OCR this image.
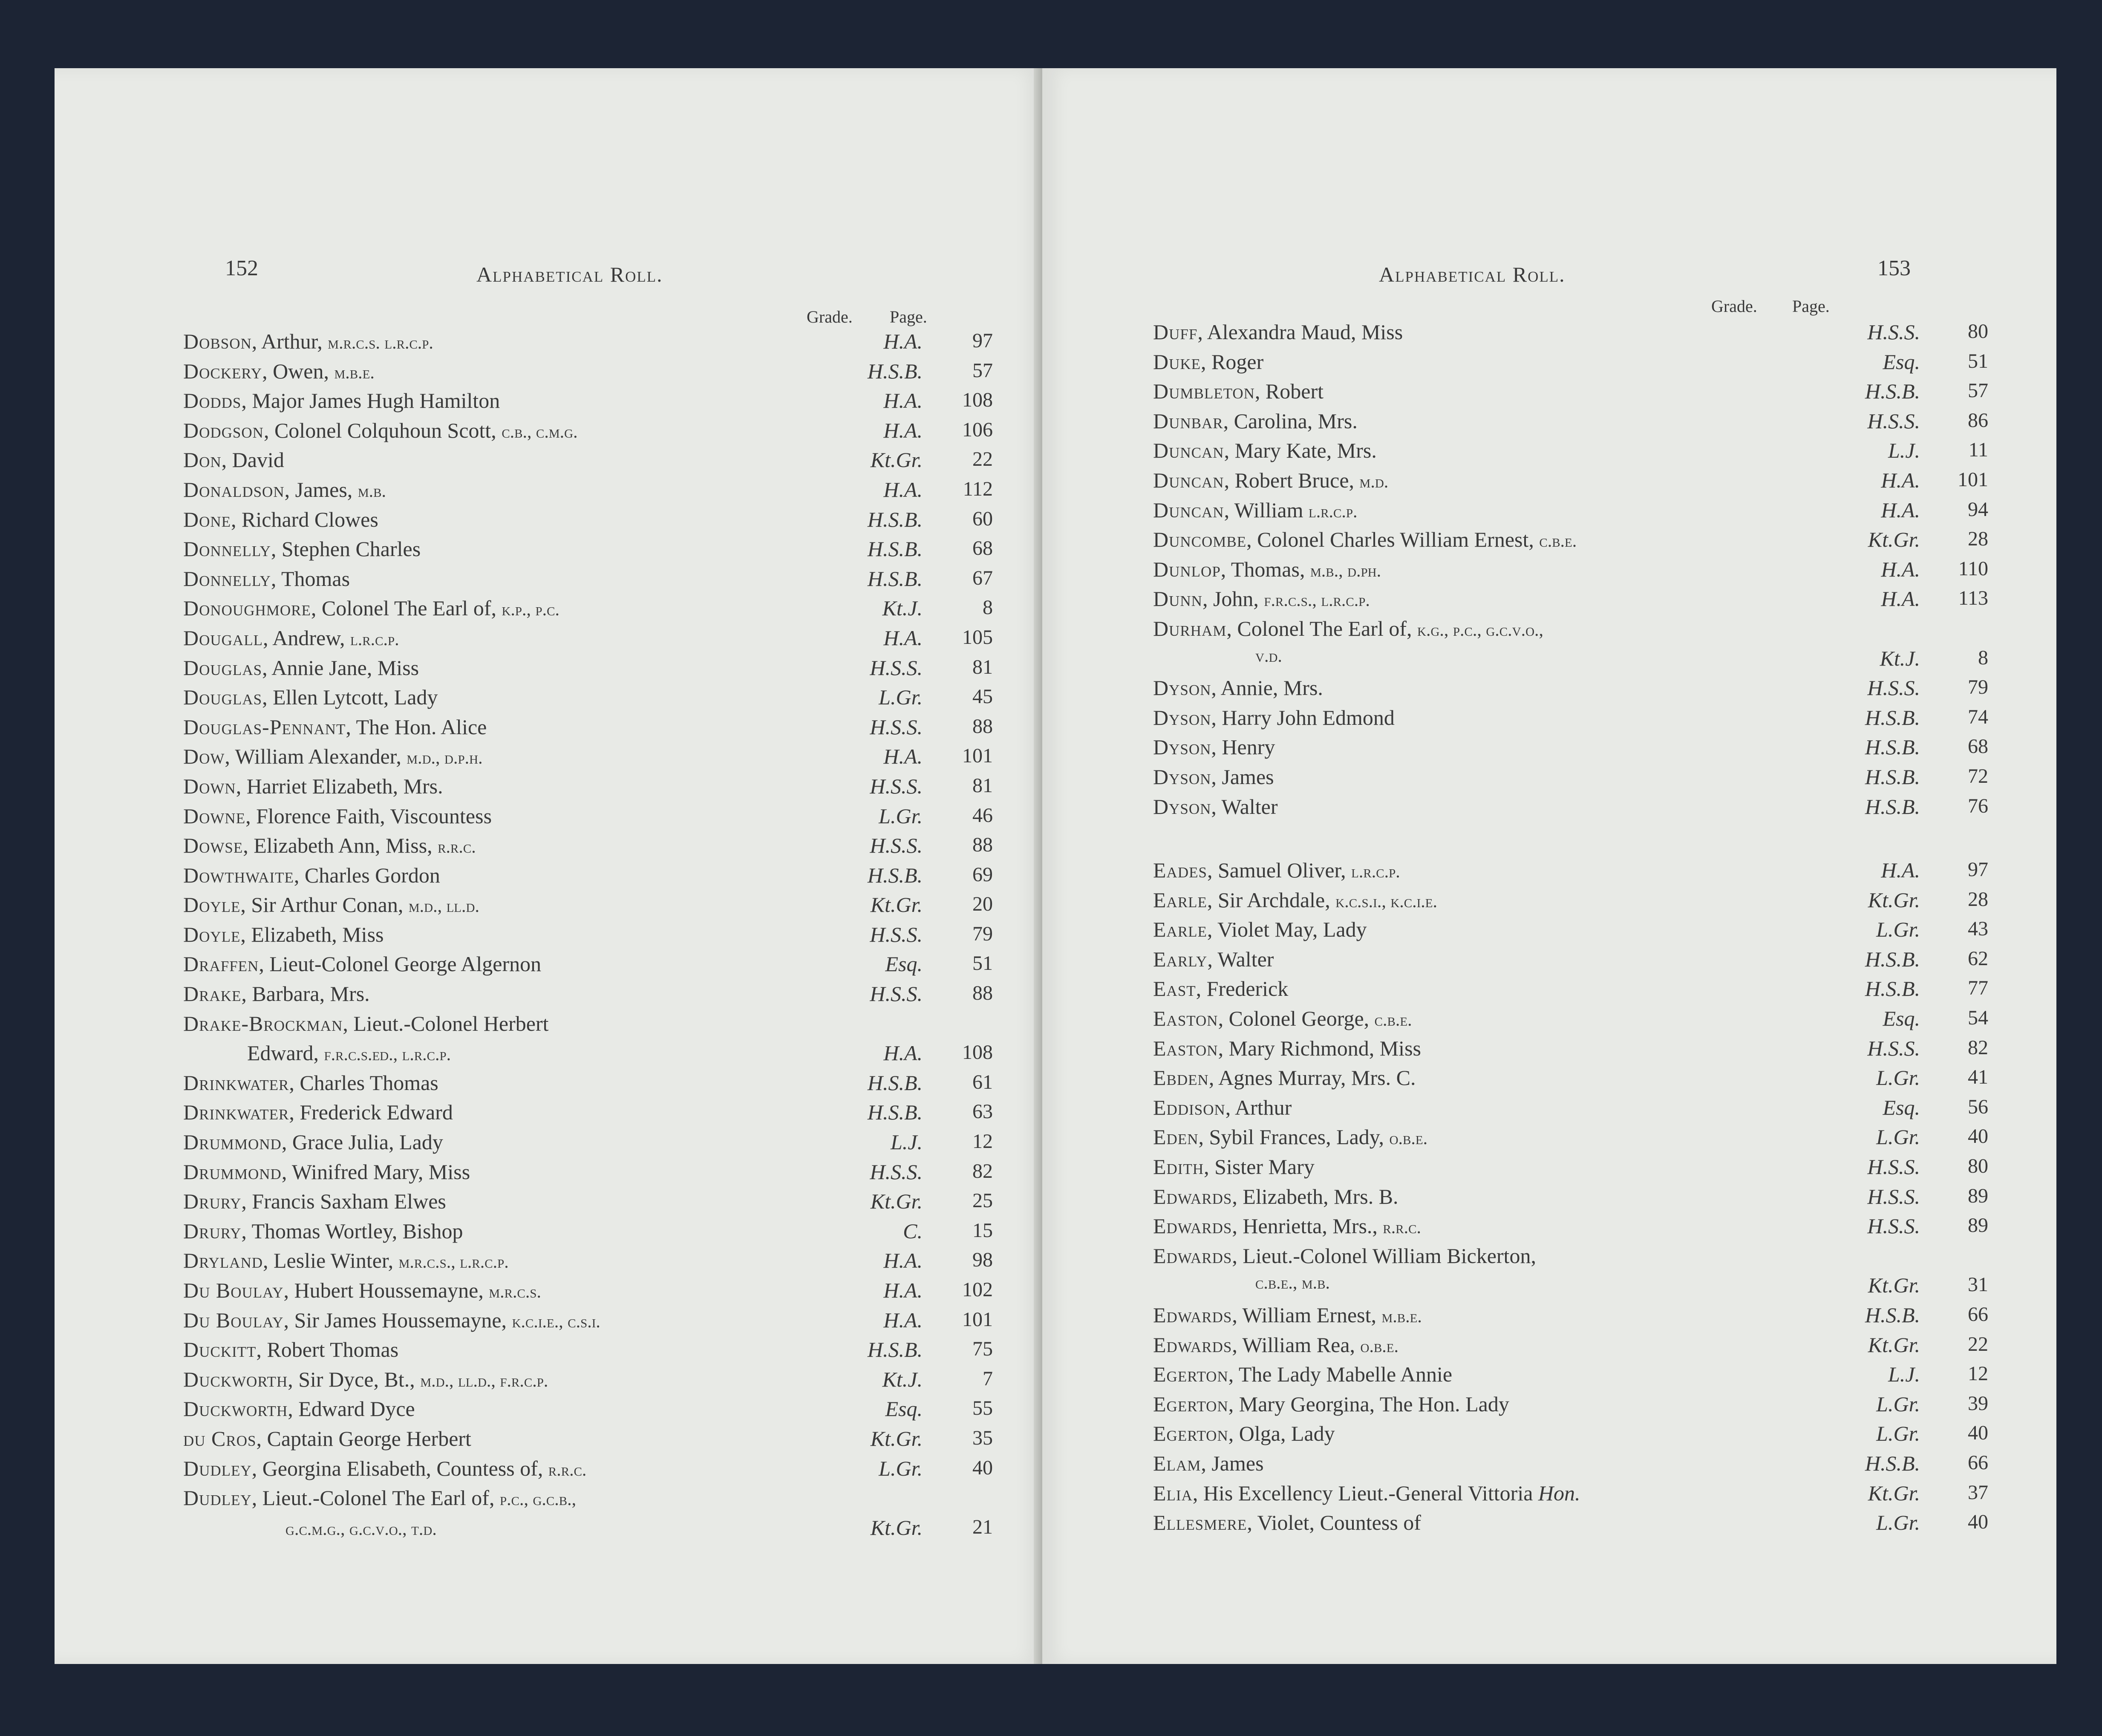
152	Alphabetical Roll.
Grade. Page.
Dobson, Arthur, m.r.c.s. l.r.c.p.	H.A.	97
Dockery, Owen, m.b.e.	H.S.B.	57
Dodds, Major James Hugh Hamilton	H.A.	108
Dodgson, Colonel Colquhoun Scott, c.b., c.m.g.	H.A.	106
Don, David	Kt.Gr.	22
Donaldson, James, m.b.	H.A.	112
Done, Richard Clowes	H.S.B.	60
Donnelly, Stephen Charles	H.S.B.	68
Donnelly, Thomas	H.S.B.	67
Donoughmore, Colonel The Earl of, k.p., p.c.	Kt.J.	8
Dougall, Andrew, l.r.c.p.	H.A.	105
Douglas, Annie Jane, Miss	H.S.S.	81
Douglas, Ellen Lytcott, Lady	L.Gr.	45
Douglas-Pennant, The Hon. Alice	H.S.S.	88
Dow, William Alexander, m.d., d.p.h.	H.A.	101
Down, Harriet Elizabeth, Mrs.	H.S.S.	81
Downe, Florence Faith, Viscountess	L.Gr.	46
Dowse, Elizabeth Ann, Miss, r.r.c.	H.S.S.	88
Dowthwaite, Charles Gordon	H.S.B.	69
Doyle, Sir Arthur Conan, m.d., ll.d.	Kt.Gr.	20
Doyle, Elizabeth, Miss	H.S.S.	79
Draffen, Lieut-Colonel George Algernon	Esq.	51
Drake, Barbara, Mrs.	H.S.S.	88
Drake-Brockman, Lieut.-Colonel Herbert
Edward, f.r.c.s.ed., l.r.c.p.	H.A.	108
Drinkwater, Charles Thomas	H.S.B.	61
Drinkwater, Frederick Edward	H.S.B.	63
Drummond, Grace Julia, Lady	L.J.	12
Drummond, Winifred Mary, Miss	H.S.S.	82
Drury, Francis Saxham Elwes	Kt.Gr.	25
Drury, Thomas Wortley, Bishop	C.	15
Dryland, Leslie Winter, m.r.c.s., l.r.c.p.	H.A.	98
Du Boulay, Hubert Houssemayne, m.r.c.s.	H.A.	102
Du Boulay, Sir James Houssemayne, k.c.i.e., c.s.i.	H.A.	101
Duckitt, Robert Thomas	H.S.B.	75
Duckworth, Sir Dyce, Bt., m.d., ll.d., f.r.c.p.	Kt.J.	7
Duckworth, Edward Dyce	Esq.	55
du Cros, Captain George Herbert	Kt.Gr.	35
Dudley, Georgina Elisabeth, Countess of, r.r.c.	L.Gr.	40
Dudley, Lieut.-Colonel The Earl of, p.c., g.c.b.,
g.c.m.g., g.c.v.o., t.d.	Kt.Gr.	21
Alphabetical Roll.	153
Grade. Page.
Duff, Alexandra Maud, Miss	H.S.S.	80
Duke, Roger	Esq.	51
Dumbleton, Robert	H.S.B.	57
Dunbar, Carolina, Mrs.	H.S.S.	86
Duncan, Mary Kate, Mrs.	L.J.	11
Duncan, Robert Bruce, m.d.	H.A.	101
Duncan, William l.r.c.p.	H.A.	94
Duncombe, Colonel Charles William Ernest, c.b.e.	Kt.Gr.	28
Dunlop, Thomas, m.b., d.ph.	H.A.	110
Dunn, John, f.r.c.s., l.r.c.p.	H.A.	113
Durham, Colonel The Earl of, k.g., p.c., g.c.v.o.,
v.d.	Kt.J.	8
Dyson, Annie, Mrs.	H.S.S.	79
Dyson, Harry John Edmond	H.S.B.	74
Dyson, Henry	H.S.B.	68
Dyson, James	H.S.B.	72
Dyson, Walter	H.S.B.	76
Eades, Samuel Oliver, l.r.c.p.	H.A.	97
Earle, Sir Archdale, k.c.s.i., k.c.i.e.	Kt.Gr.	28
Earle, Violet May, Lady	L.Gr.	43
Early, Walter	H.S.B.	62
East, Frederick	H.S.B.	77
Easton, Colonel George, c.b.e.	Esq.	54
Easton, Mary Richmond, Miss	H.S.S.	82
Ebden, Agnes Murray, Mrs. C.	L.Gr.	41
Eddison, Arthur	Esq.	56
Eden, Sybil Frances, Lady, o.b.e.	L.Gr.	40
Edith, Sister Mary	H.S.S.	80
Edwards, Elizabeth, Mrs. B.	H.S.S.	89
Edwards, Henrietta, Mrs., r.r.c.	H.S.S.	89
Edwards, Lieut.-Colonel William Bickerton,
c.b.e., m.b.	Kt.Gr.	31
Edwards, William Ernest, m.b.e.	H.S.B.	66
Edwards, William Rea, o.b.e.	Kt.Gr.	22
Egerton, The Lady Mabelle Annie	L.J.	12
Egerton, Mary Georgina, The Hon. Lady	L.Gr.	39
Egerton, Olga, Lady	L.Gr.	40
Elam, James	H.S.B.	66
Elia, His Excellency Lieut.-General Vittoria Hon.	Kt.Gr.	37
Ellesmere, Violet, Countess of	L.Gr.	40
